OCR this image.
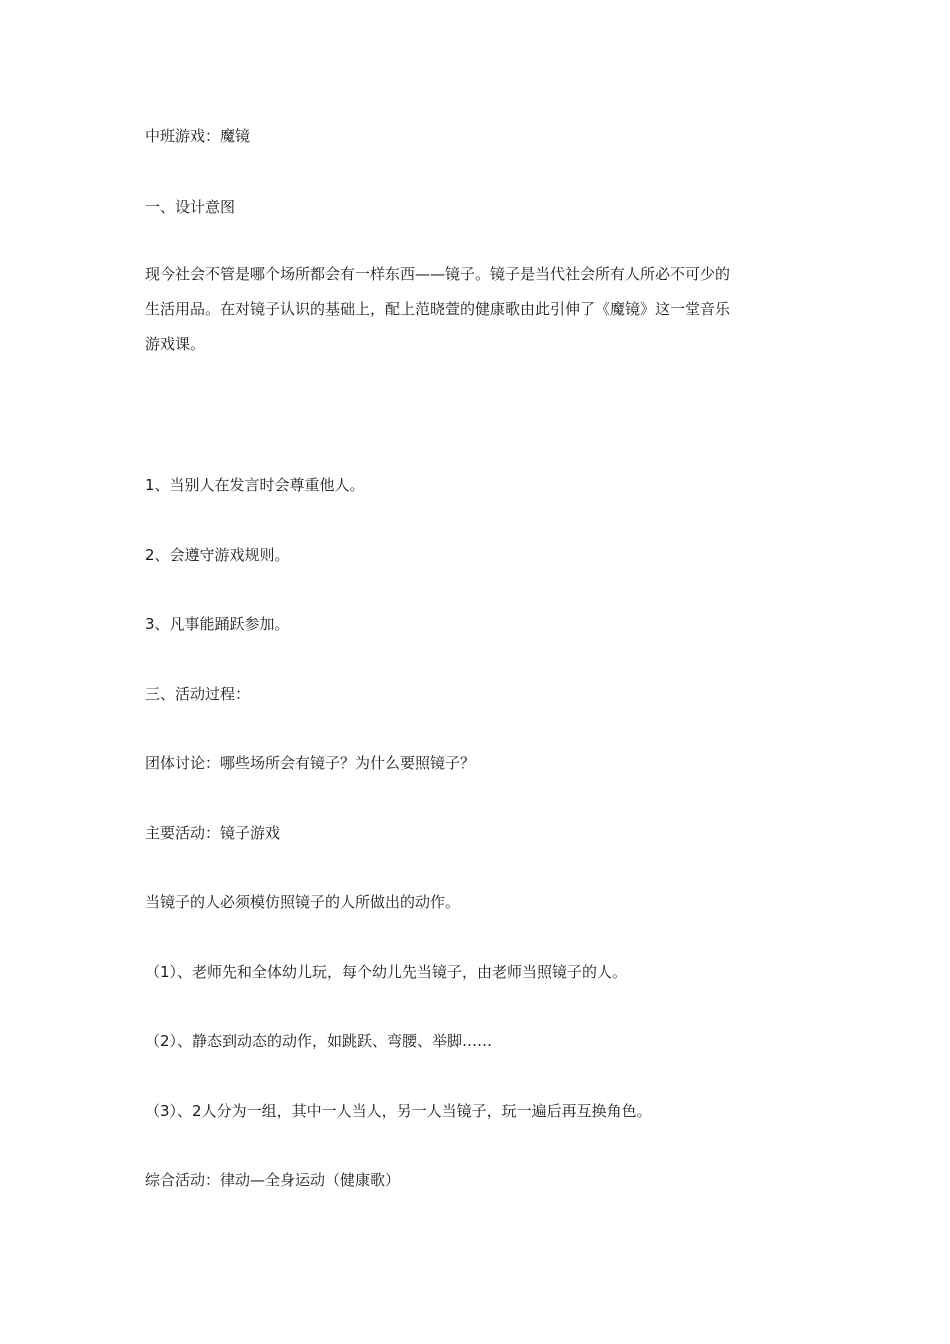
中班游戏：魔镜
一、设计意图
现今社会不管是哪个场所都会有一样东西——镜子。镜子是当代社会所有人所必不可少的
生活用品。在对镜子认识的基础上，配上范晓萱的健康歌由此引伸了《魔镜》这一堂音乐
游戏课。
1、当别人在发言时会尊重他人。
2、会遵守游戏规则。
3、凡事能踊跃参加。
三、活动过程：
团体讨论：哪些场所会有镜子？为什么要照镜子？
主要活动：镜子游戏
当镜子的人必须模仿照镜子的人所做出的动作。
（1）、老师先和全体幼儿玩，每个幼儿先当镜子，由老师当照镜子的人。
（2）、静态到动态的动作，如跳跃、弯腰、举脚……
（3）、2人分为一组，其中一人当人，另一人当镜子，玩一遍后再互换角色。
综合活动：律动—全身运动（健康歌）
